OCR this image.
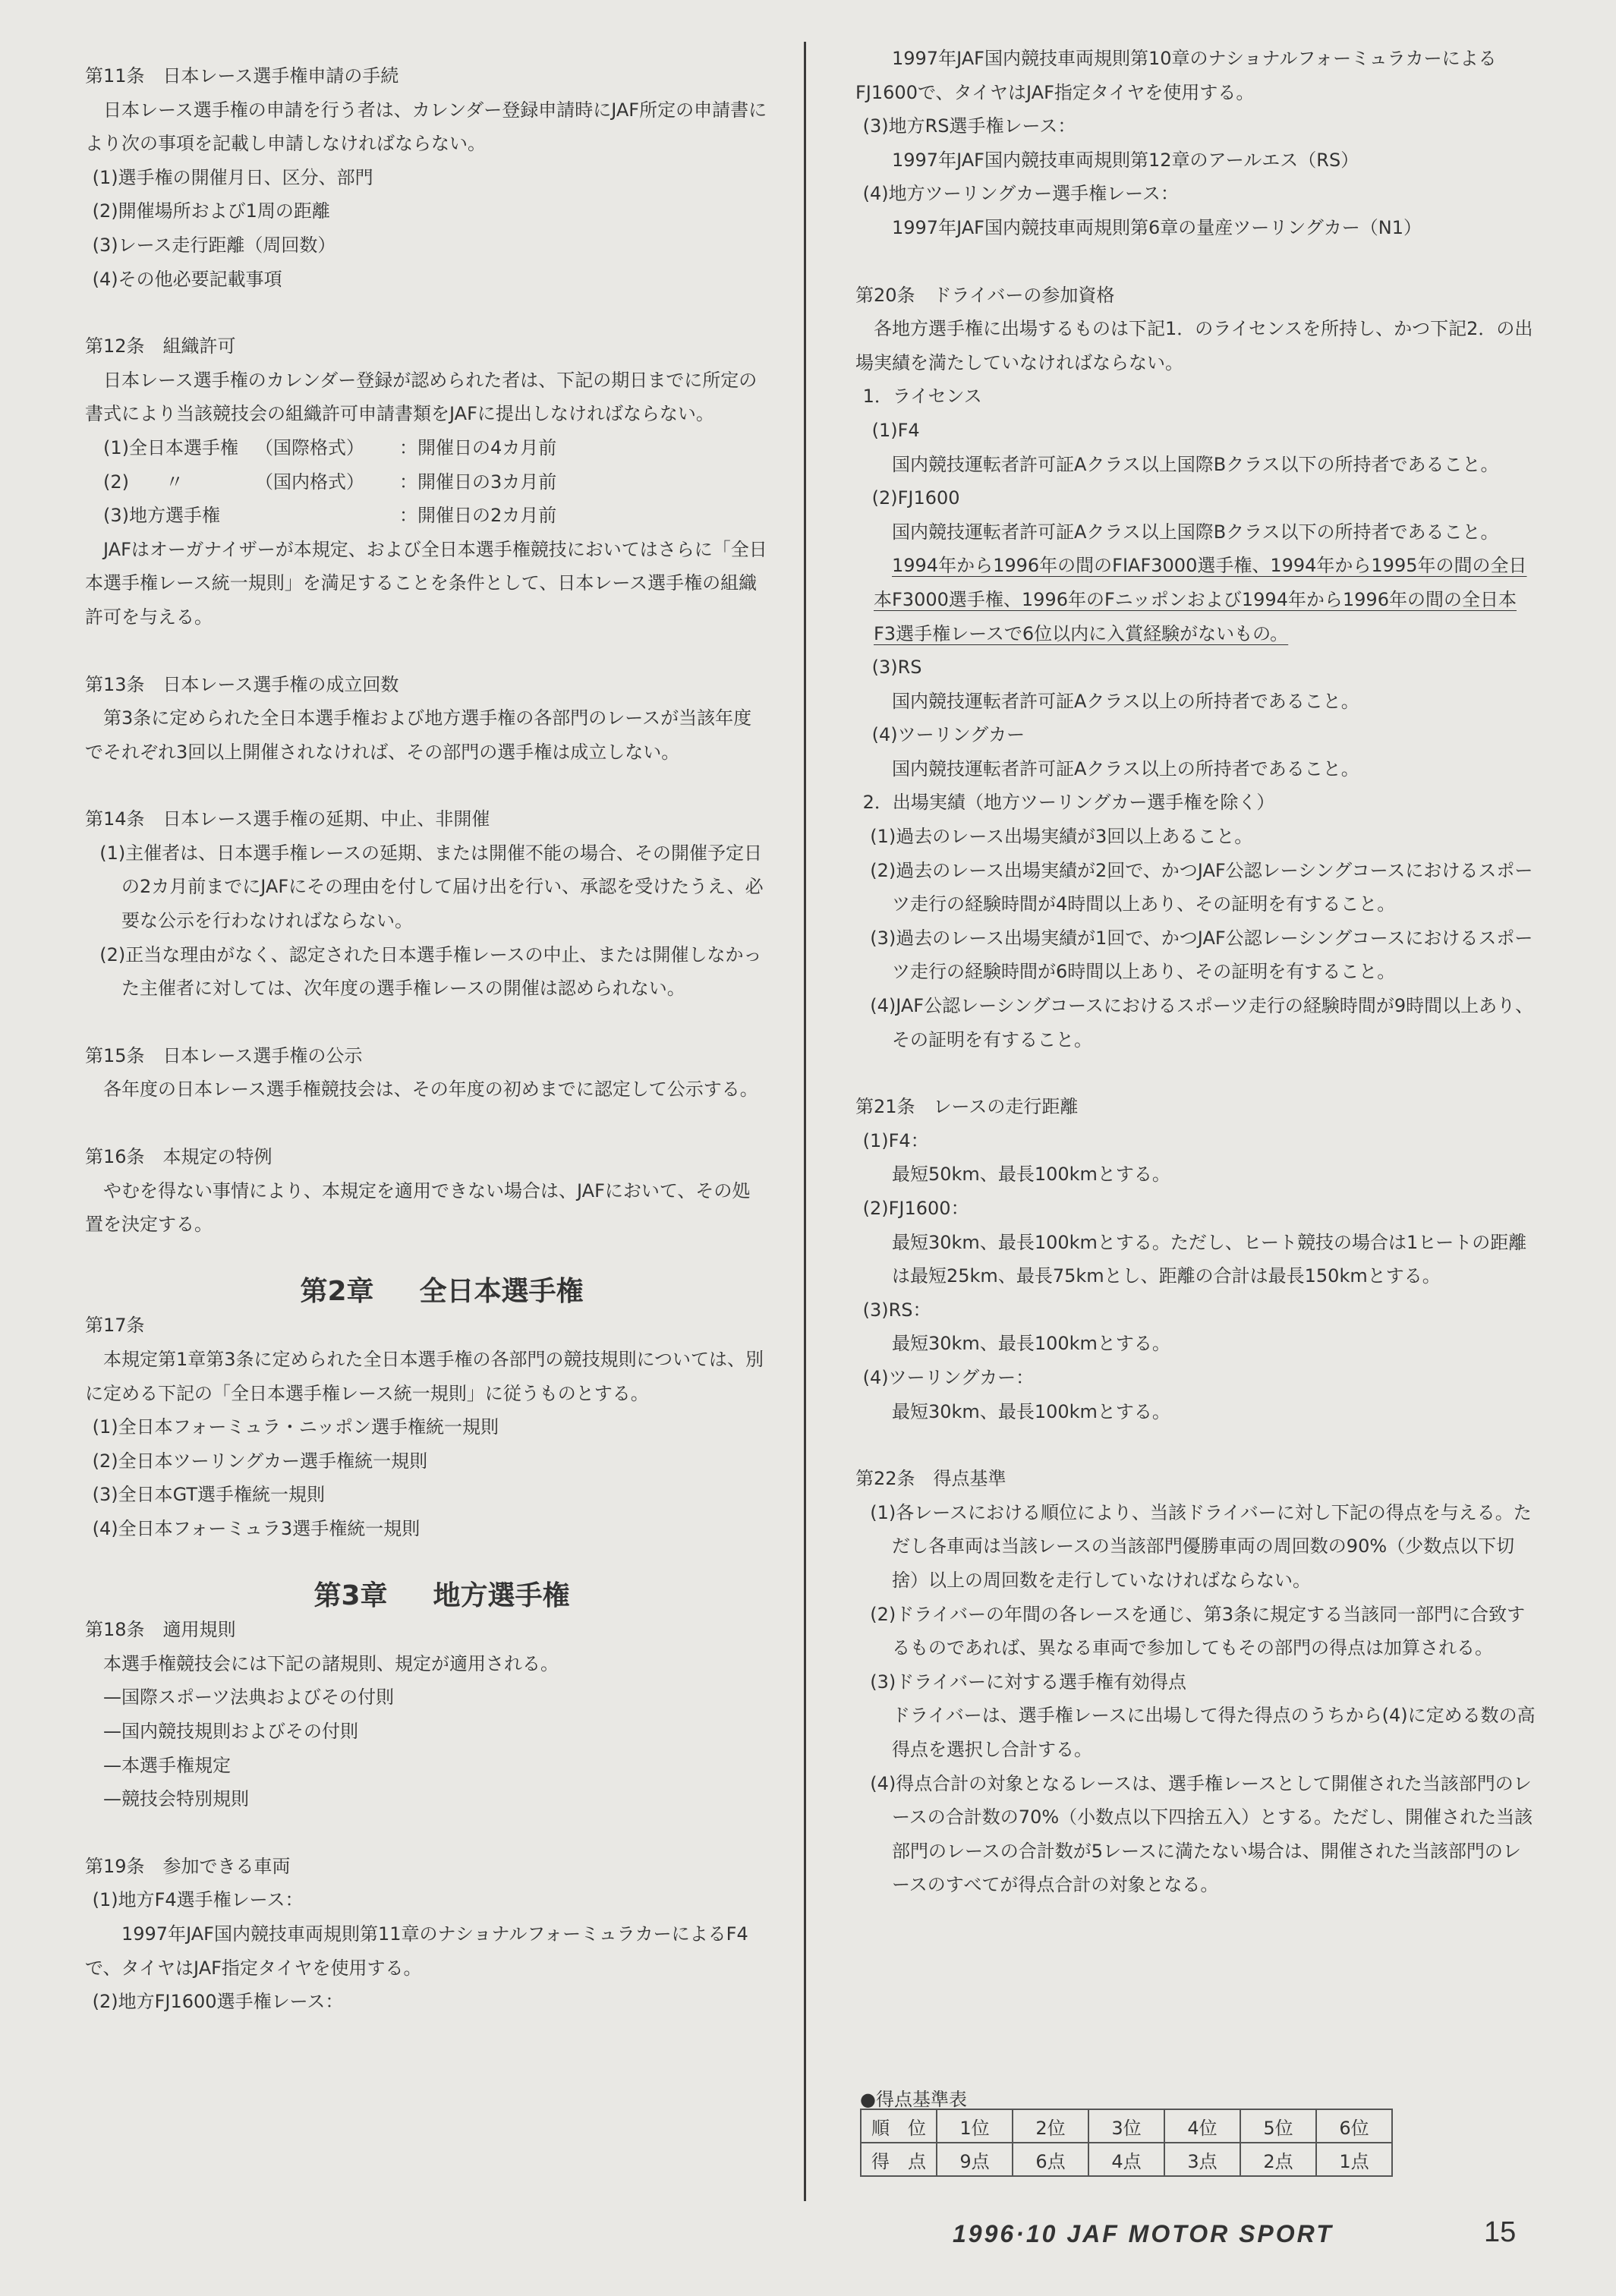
第11条　日本レース選手権申請の手続

日本レース選手権の申請を行う者は、カレンダー登録申請時にJAF所定の申請書により次の事項を記載し申請しなければならない。

(1)選手権の開催月日、区分、部門

(2)開催場所および1周の距離

(3)レース走行距離（周回数）

(4)その他必要記載事項

第12条　組織許可

日本レース選手権のカレンダー登録が認められた者は、下記の期日までに所定の書式により当該競技会の組織許可申請書類をJAFに提出しなければならない。

(1)全日本選手権 （国際格式）	：開催日の4カ月前
(2)　　〃	（国内格式）	：開催日の3カ月前
(3)地方選手権	：開催日の2カ月前

JAFはオーガナイザーが本規定、および全日本選手権競技においてはさらに「全日本選手権レース統一規則」を満足することを条件として、日本レース選手権の組織許可を与える。

第13条　日本レース選手権の成立回数

第3条に定められた全日本選手権および地方選手権の各部門のレースが当該年度でそれぞれ3回以上開催されなければ、その部門の選手権は成立しない。

第14条　日本レース選手権の延期、中止、非開催

(1)主催者は、日本選手権レースの延期、または開催不能の場合、その開催予定日の2カ月前までにJAFにその理由を付して届け出を行い、承認を受けたうえ、必要な公示を行わなければならない。

(2)正当な理由がなく、認定された日本選手権レースの中止、または開催しなかった主催者に対しては、次年度の選手権レースの開催は認められない。

第15条　日本レース選手権の公示

各年度の日本レース選手権競技会は、その年度の初めまでに認定して公示する。

第16条　本規定の特例

やむを得ない事情により、本規定を適用できない場合は、JAFにおいて、その処置を決定する。

第2章 全日本選手権
第17条

本規定第1章第3条に定められた全日本選手権の各部門の競技規則については、別に定める下記の「全日本選手権レース統一規則」に従うものとする。

(1)全日本フォーミュラ・ニッポン選手権統一規則

(2)全日本ツーリングカー選手権統一規則

(3)全日本GT選手権統一規則

(4)全日本フォーミュラ3選手権統一規則

第3章 地方選手権
第18条　適用規則

本選手権競技会には下記の諸規則、規定が適用される。

—国際スポーツ法典およびその付則

—国内競技規則およびその付則

—本選手権規定

—競技会特別規則

第19条　参加できる車両

(1)地方F4選手権レース：

1997年JAF国内競技車両規則第11章のナショナルフォーミュラカーによるF4で、タイヤはJAF指定タイヤを使用する。

(2)地方FJ1600選手権レース：

1997年JAF国内競技車両規則第10章のナショナルフォーミュラカーによるFJ1600で、タイヤはJAF指定タイヤを使用する。

(3)地方RS選手権レース：

1997年JAF国内競技車両規則第12章のアールエス（RS）

(4)地方ツーリングカー選手権レース：

1997年JAF国内競技車両規則第6章の量産ツーリングカー（N1）

第20条　ドライバーの参加資格

各地方選手権に出場するものは下記1．のライセンスを所持し、かつ下記2．の出場実績を満たしていなければならない。

1．ライセンス

(1)F4

国内競技運転者許可証Aクラス以上国際Bクラス以下の所持者であること。

(2)FJ1600

国内競技運転者許可証Aクラス以上国際Bクラス以下の所持者であること。

1994年から1996年の間のFIAF3000選手権、1994年から1995年の間の全日本F3000選手権、1996年のFニッポンおよび1994年から1996年の間の全日本F3選手権レースで6位以内に入賞経験がないもの。

(3)RS

国内競技運転者許可証Aクラス以上の所持者であること。

(4)ツーリングカー

国内競技運転者許可証Aクラス以上の所持者であること。

2．出場実績（地方ツーリングカー選手権を除く）

(1)過去のレース出場実績が3回以上あること。

(2)過去のレース出場実績が2回で、かつJAF公認レーシングコースにおけるスポーツ走行の経験時間が4時間以上あり、その証明を有すること。

(3)過去のレース出場実績が1回で、かつJAF公認レーシングコースにおけるスポーツ走行の経験時間が6時間以上あり、その証明を有すること。

(4)JAF公認レーシングコースにおけるスポーツ走行の経験時間が9時間以上あり、その証明を有すること。

第21条　レースの走行距離

(1)F4：

最短50km、最長100kmとする。

(2)FJ1600：

最短30km、最長100kmとする。ただし、ヒート競技の場合は1ヒートの距離は最短25km、最長75kmとし、距離の合計は最長150kmとする。

(3)RS：

最短30km、最長100kmとする。

(4)ツーリングカー：

最短30km、最長100kmとする。

第22条　得点基準

(1)各レースにおける順位により、当該ドライバーに対し下記の得点を与える。ただし各車両は当該レースの当該部門優勝車両の周回数の90%（少数点以下切捨）以上の周回数を走行していなければならない。

(2)ドライバーの年間の各レースを通じ、第3条に規定する当該同一部門に合致するものであれば、異なる車両で参加してもその部門の得点は加算される。

(3)ドライバーに対する選手権有効得点

ドライバーは、選手権レースに出場して得た得点のうちから(4)に定める数の高得点を選択し合計する。

(4)得点合計の対象となるレースは、選手権レースとして開催された当該部門のレースの合計数の70%（小数点以下四捨五入）とする。ただし、開催された当該部門のレースの合計数が5レースに満たない場合は、開催された当該部門のレースのすべてが得点合計の対象となる。

●得点基準表
順　位	1位	2位	3位	4位	5位	6位
得　点	9点	6点	4点	3点	2点	1点
1996·10 JAF MOTOR SPORT	15
